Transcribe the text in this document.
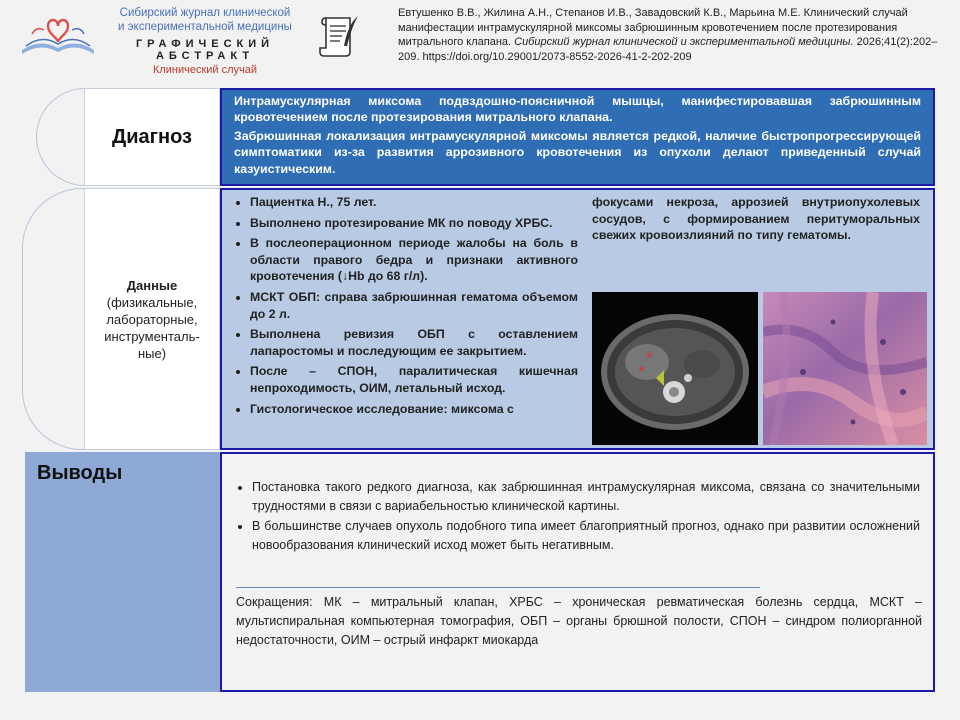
Сибирский журнал клинической
и экспериментальной медицины
ГРАФИЧЕСКИЙ АБСТРАКТ
Клинический случай
Евтушенко В.В., Жилина А.Н., Степанов И.В., Завадовский К.В., Марьина М.Е. Клинический случай манифестации интрамускулярной миксомы забрюшинным кровотечением после протезирования митрального клапана. Сибирский журнал клинической и экспериментальной медицины. 2026;41(2):202–209. https://doi.org/10.29001/2073-8552-2026-41-2-202-209
Диагноз

Интрамускулярная миксома подвздошно-поясничной мышцы, манифестировавшая забрюшинным кровотечением после протезирования митрального клапана.

Забрюшинная локализация интрамускулярной миксомы является редкой, наличие быстропрогрессирующей симптоматики из-за развития аррозивного кровотечения из опухоли делают приведенный случай казуистическим.

Данные
(физикальные, лабораторные, инструменталь-ные)
• Пациентка Н., 75 лет.
• Выполнено протезирование МК по поводу ХРБС.
• В послеоперационном периоде жалобы на боль в области правого бедра и признаки активного кровотечения (↓Hb до 68 г/л).
• МСКТ ОБП: справа забрюшинная гематома объемом до 2 л.
• Выполнена ревизия ОБП с оставлением лапаростомы и последующим ее закрытием.
• После – СПОН, паралитическая кишечная непроходимость, ОИМ, летальный исход.
• Гистологическое исследование: миксома с
фокусами некроза, аррозией внутриопухолевых сосудов, с формированием перитуморальных свежих кровоизлияний по типу гематомы.
*
*
Выводы
• Постановка такого редкого диагноза, как забрюшинная интрамускулярная миксома, связана со значительными трудностями в связи с вариабельностью клинической картины.
• В большинстве случаев опухоль подобного типа имеет благоприятный прогноз, однако при развитии осложнений новообразования клинический исход может быть негативным.
Сокращения: МК – митральный клапан, ХРБС – хроническая ревматическая болезнь сердца, МСКТ – мультиспиральная компьютерная томография, ОБП – органы брюшной полости, СПОН – синдром полиорганной недостаточности, ОИМ – острый инфаркт миокарда
